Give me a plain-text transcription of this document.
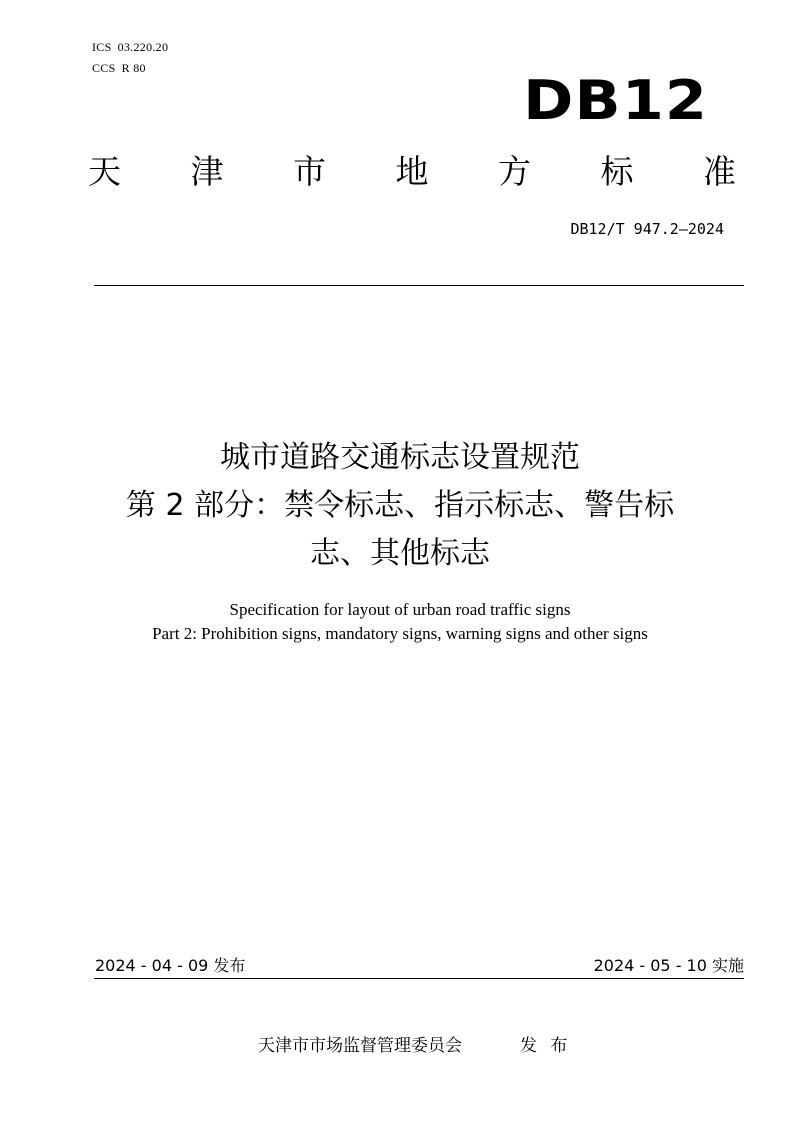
ICS 03.220.20
CCS R 80
DB12
天 津 市 地 方 标 准
DB12/T 947.2—2024
城市道路交通标志设置规范
第 2 部分：禁令标志、指示标志、警告标
志、其他标志
Specification for layout of urban road traffic signs
Part 2: Prohibition signs, mandatory signs, warning signs and other signs
2024 - 04 - 09 发布	2024 - 05 - 10 实施
天津市市场监督管理委员会	发 布
